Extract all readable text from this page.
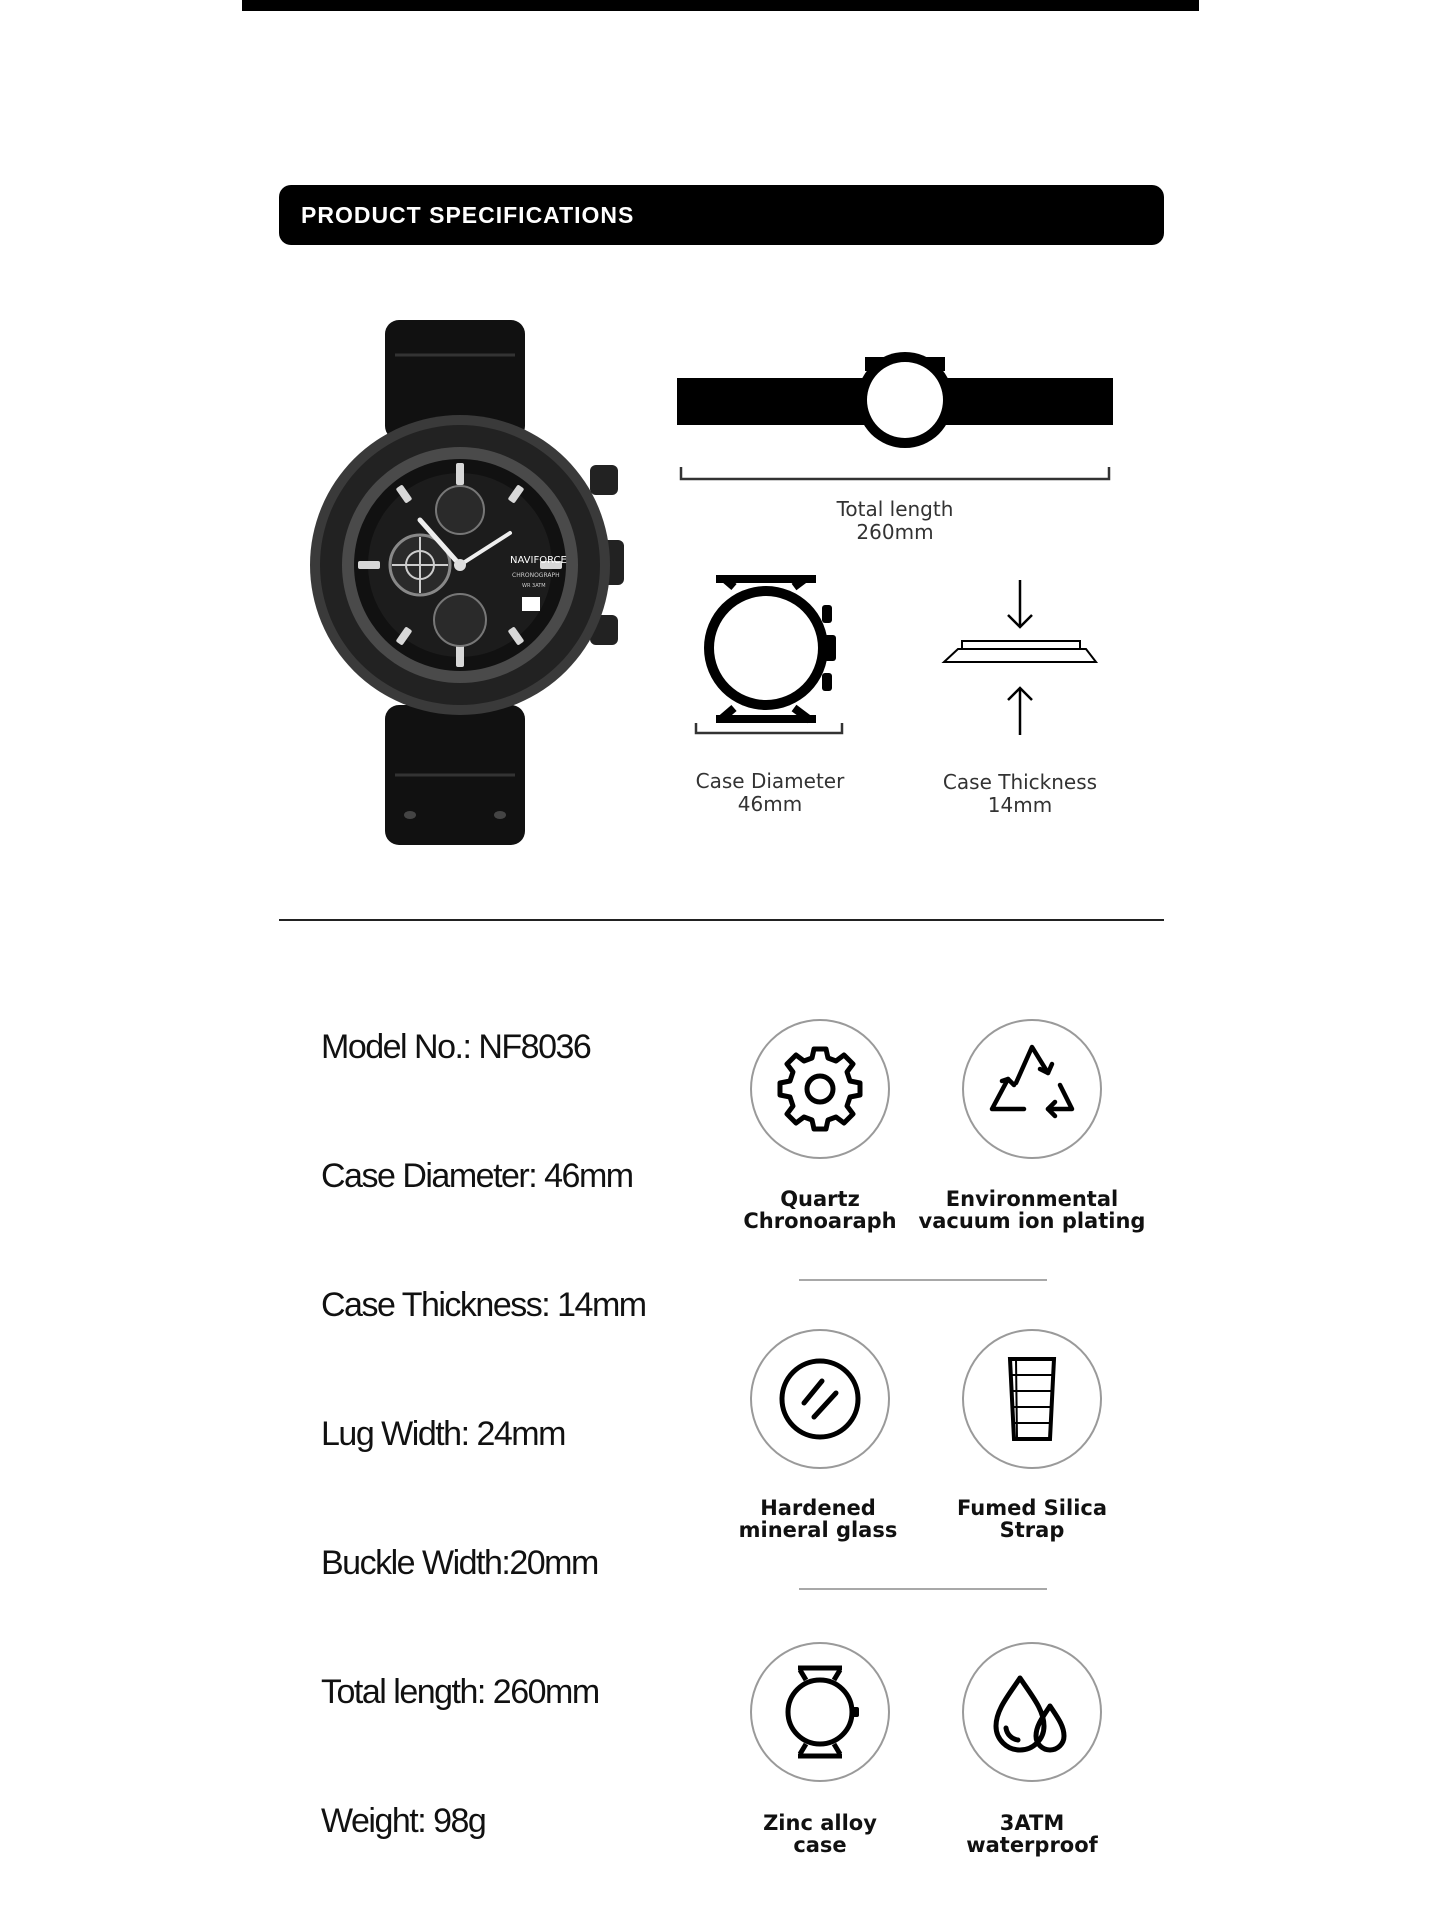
PRODUCT SPECIFICATIONS
NAVIFORCE
CHRONOGRAPH
WR 3ATM
Total length
260mm
Case Diameter
46mm
Case Thickness
14mm
Model No.: NF8036
Case Diameter: 46mm
Case Thickness: 14mm
Lug Width: 24mm
Buckle Width:20mm
Total length: 260mm
Weight: 98g
Quartz
Chronoaraph
Environmental
vacuum ion plating
Hardened
mineral glass
Fumed Silica
Strap
Zinc alloy
case
3ATM
waterproof
